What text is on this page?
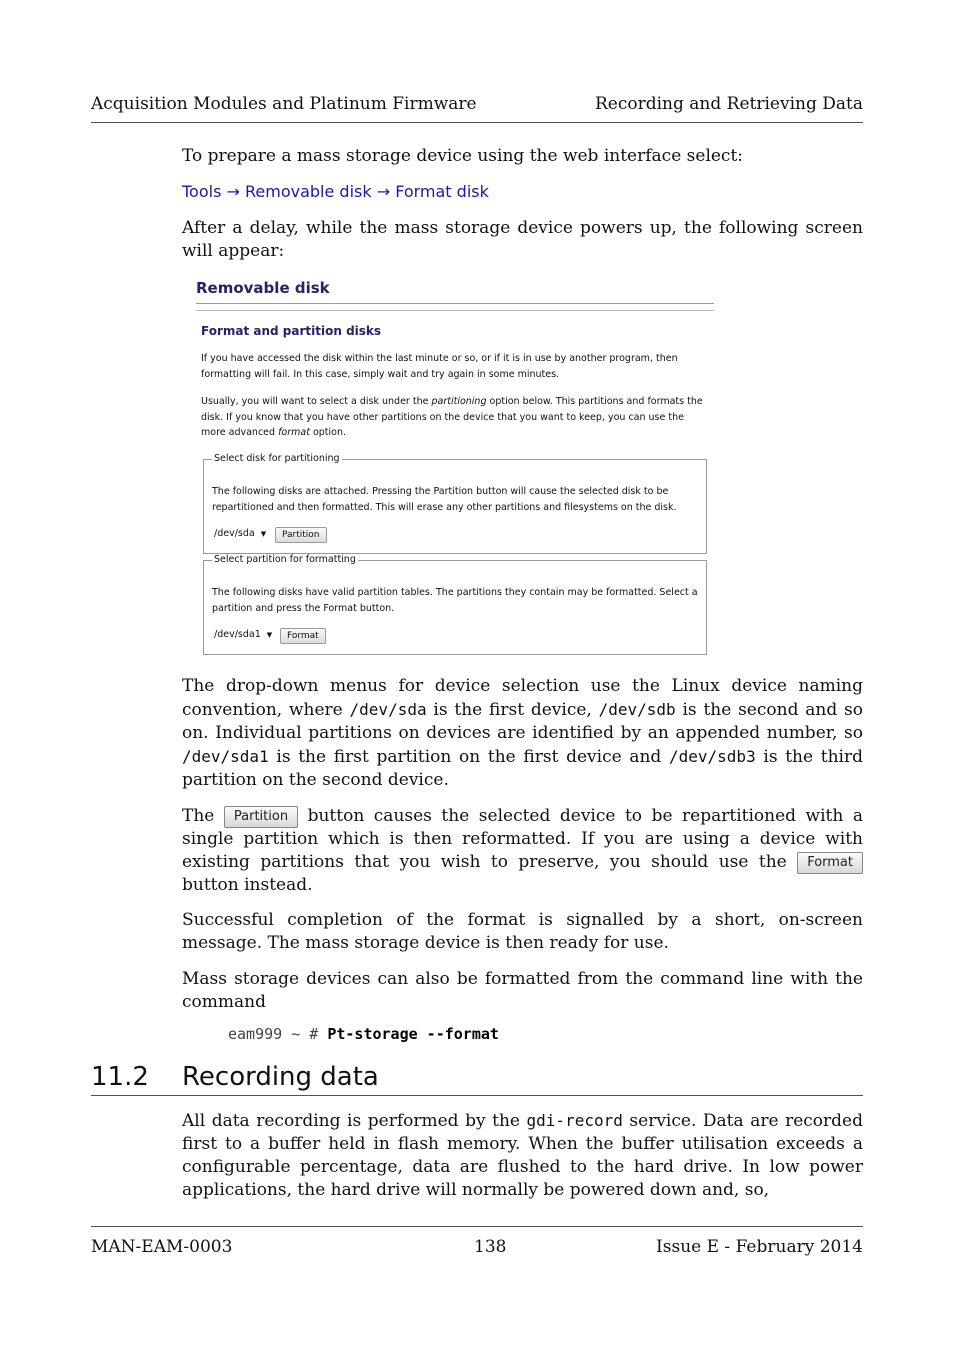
Acquisition Modules and Platinum Firmware	Recording and Retrieving Data
To prepare a mass storage device using the web interface select:
Tools → Removable disk → Format disk
After a delay, while the mass storage device powers up, the following screen will appear:
Removable disk
Format and partition disks
If you have accessed the disk within the last minute or so, or if it is in use by another program, then formatting will fail. In this case, simply wait and try again in some minutes.
Usually, you will want to select a disk under the partitioning option below. This partitions and formats the disk. If you know that you have other partitions on the device that you want to keep, you can use the more advanced format option.
Select disk for partitioning
The following disks are attached. Pressing the Partition button will cause the selected disk to be repartitioned and then formatted. This will erase any other partitions and filesystems on the disk.
/dev/sda ▼	Partition
Select partition for formatting
The following disks have valid partition tables. The partitions they contain may be formatted. Select a partition and press the Format button.
/dev/sda1 ▼	Format
The drop-down menus for device selection use the Linux device naming convention, where /dev/sda is the first device, /dev/sdb is the second and so on. Individual partitions on devices are identified by an appended number, so /dev/sda1 is the first partition on the first device and /dev/sdb3 is the third partition on the second device.
The Partition button causes the selected device to be repartitioned with a single partition which is then reformatted. If you are using a device with existing partitions that you wish to preserve, you should use the Format button instead.
Successful completion of the format is signalled by a short, on-screen message. The mass storage device is then ready for use.
Mass storage devices can also be formatted from the command line with the command
eam999 ~ # Pt-storage --format
11.2 Recording data
All data recording is performed by the gdi-record service. Data are recorded first to a buffer held in flash memory. When the buffer utilisation exceeds a configurable percentage, data are flushed to the hard drive. In low power applications, the hard drive will normally be powered down and, so,
MAN-EAM-0003	138	Issue E - February 2014
